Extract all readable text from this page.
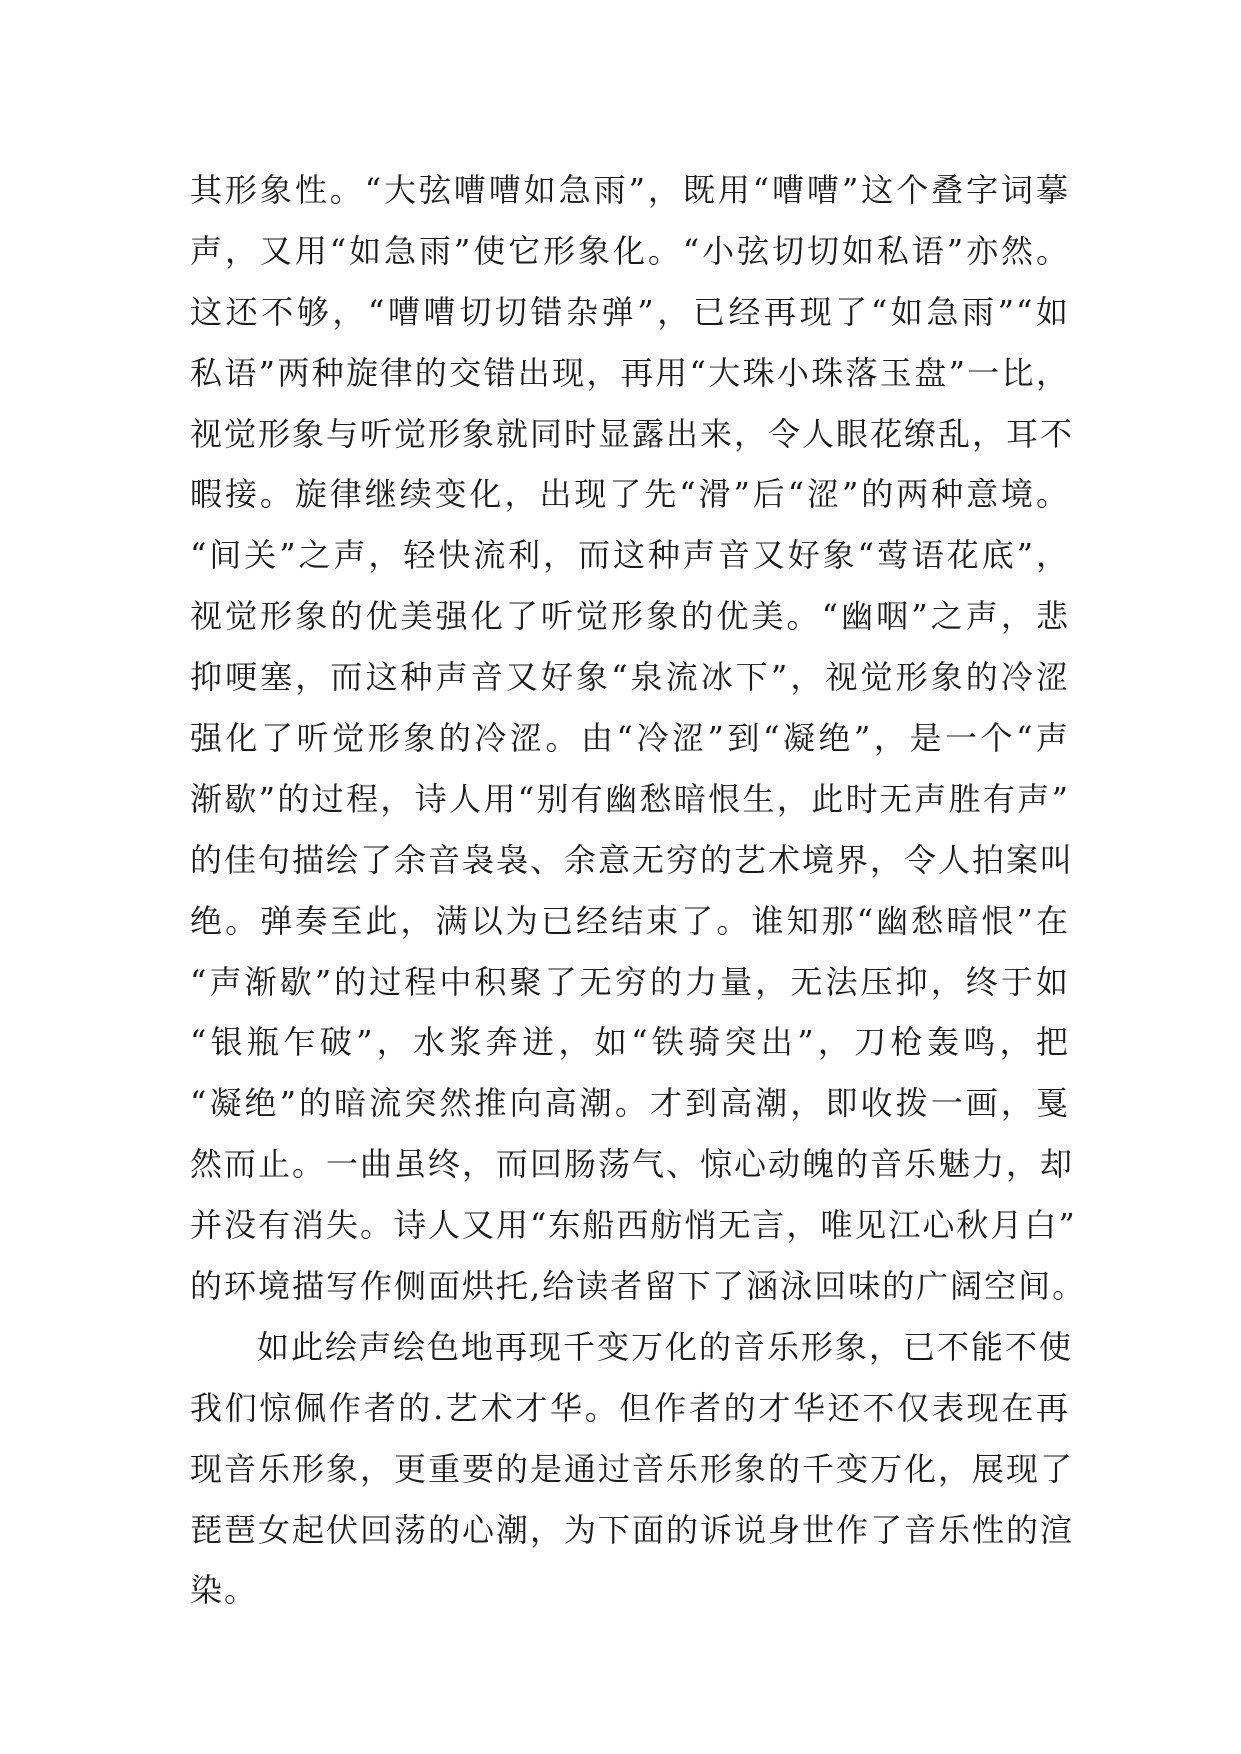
其形象性。“大弦嘈嘈如急雨”，既用“嘈嘈”这个叠字词摹
声，又用“如急雨”使它形象化。“小弦切切如私语”亦然。
这还不够，“嘈嘈切切错杂弹”，已经再现了“如急雨”“如
私语”两种旋律的交错出现，再用“大珠小珠落玉盘”一比，
视觉形象与听觉形象就同时显露出来，令人眼花缭乱，耳不
暇接。旋律继续变化，出现了先“滑”后“涩”的两种意境。
“间关”之声，轻快流利，而这种声音又好象“莺语花底”，
视觉形象的优美强化了听觉形象的优美。“幽咽”之声，悲
抑哽塞，而这种声音又好象“泉流冰下”，视觉形象的冷涩
强化了听觉形象的冷涩。由“冷涩”到“凝绝”，是一个“声
渐歇”的过程，诗人用“别有幽愁暗恨生，此时无声胜有声”
的佳句描绘了余音袅袅、余意无穷的艺术境界，令人拍案叫
绝。弹奏至此，满以为已经结束了。谁知那“幽愁暗恨”在
“声渐歇”的过程中积聚了无穷的力量，无法压抑，终于如
“银瓶乍破”，水浆奔迸，如“铁骑突出”，刀枪轰鸣，把
“凝绝”的暗流突然推向高潮。才到高潮，即收拨一画，戛
然而止。一曲虽终，而回肠荡气、惊心动魄的音乐魅力，却
并没有消失。诗人又用“东船西舫悄无言，唯见江心秋月白”
的环境描写作侧面烘托,给读者留下了涵泳回味的广阔空间。
如此绘声绘色地再现千变万化的音乐形象，已不能不使
我们惊佩作者的.艺术才华。但作者的才华还不仅表现在再
现音乐形象，更重要的是通过音乐形象的千变万化，展现了
琵琶女起伏回荡的心潮，为下面的诉说身世作了音乐性的渲
染。
